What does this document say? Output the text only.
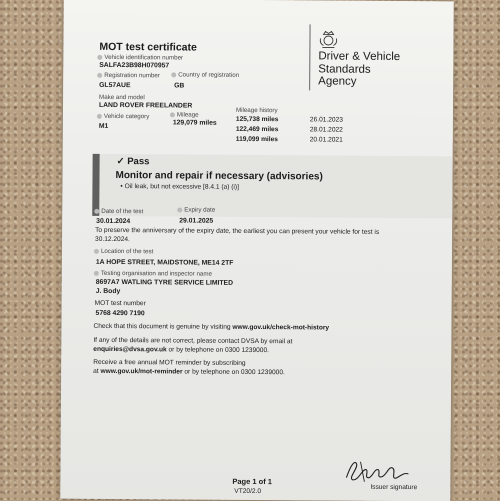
MOT test certificate
Driver & Vehicle
Standards
Agency
Vehicle identification number
SALFA23B98H070957
Registration number
GL57AUE
Country of registration
GB
Make and model
LAND ROVER FREELANDER
Vehicle category
M1
Mileage
129,079 miles
Mileage history
125,738 miles	26.01.2023
122,469 miles	28.01.2022
119,099 miles	20.01.2021
✓ Pass
Monitor and repair if necessary (advisories)
• Oil leak, but not excessive [8.4.1 (a) (i)]
Date of the test
30.01.2024
Expiry date
29.01.2025
To preserve the anniversary of the expiry date, the earliest you can present your vehicle for test is
30.12.2024.
Location of the test
1A HOPE STREET, MAIDSTONE, ME14 2TF
Testing organisation and inspector name
8697A7 WATLING TYRE SERVICE LIMITED
J. Body
MOT test number
5768 4290 7190
Check that this document is genuine by visiting www.gov.uk/check-mot-history
If any of the details are not correct, please contact DVSA by email at
enquiries@dvsa.gov.uk or by telephone on 0300 1239000.
Receive a free annual MOT reminder by subscribing
at www.gov.uk/mot-reminder or by telephone on 0300 1239000.
Page 1 of 1
VT20/2.0
Issuer signature
